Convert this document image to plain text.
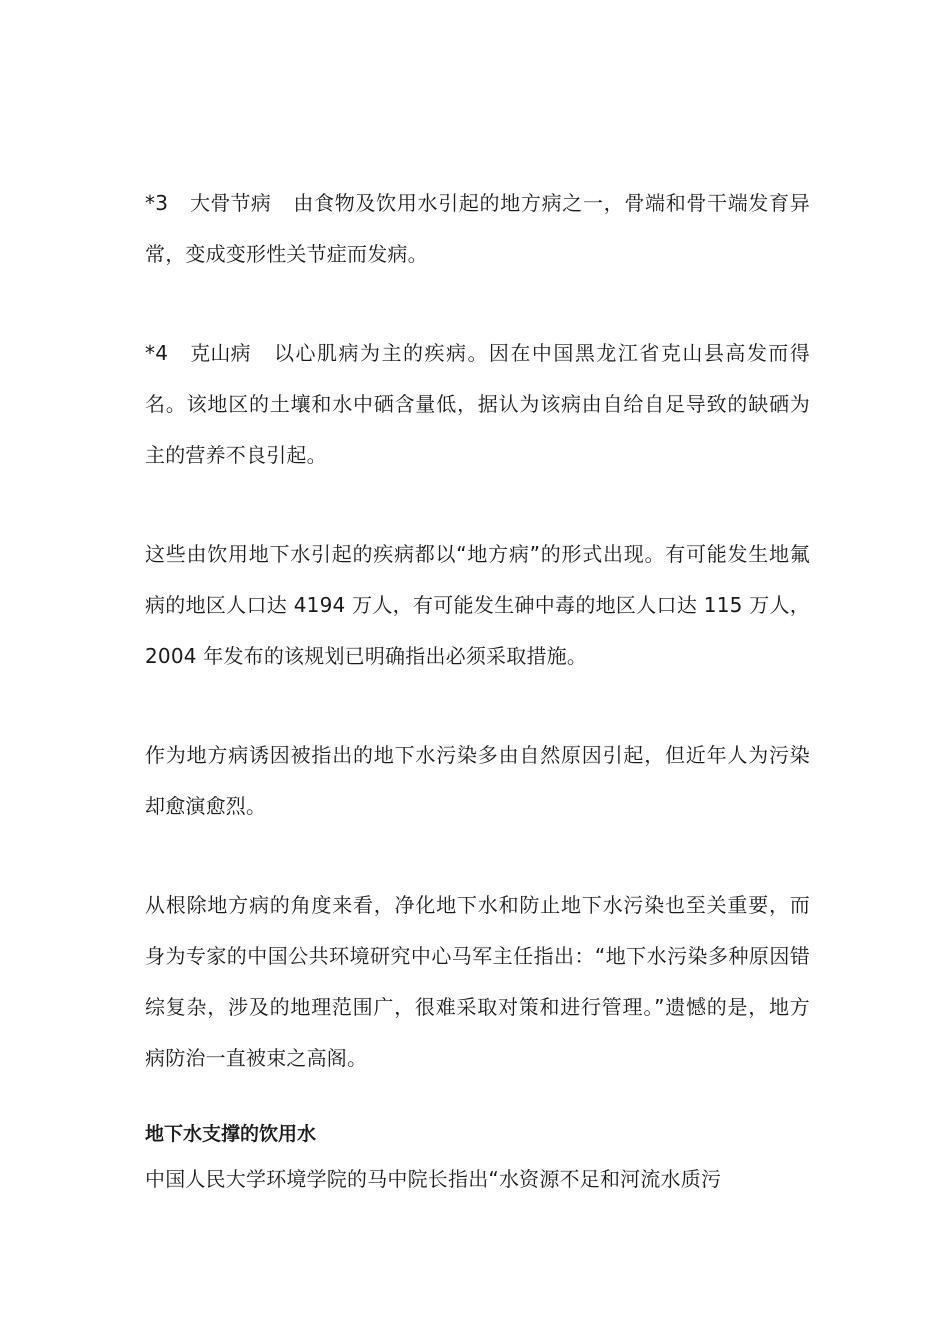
*3 大骨节病 由食物及饮用水引起的地方病之一，骨端和骨干端发育异常，变成变形性关节症而发病。

*4 克山病 以心肌病为主的疾病。因在中国黑龙江省克山县高发而得名。该地区的土壤和水中硒含量低，据认为该病由自给自足导致的缺硒为主的营养不良引起。

这些由饮用地下水引起的疾病都以“地方病”的形式出现。有可能发生地氟病的地区人口达 4194 万人，有可能发生砷中毒的地区人口达 115 万人，2004 年发布的该规划已明确指出必须采取措施。

作为地方病诱因被指出的地下水污染多由自然原因引起，但近年人为污染却愈演愈烈。

从根除地方病的角度来看，净化地下水和防止地下水污染也至关重要，而身为专家的中国公共环境研究中心马军主任指出：“地下水污染多种原因错综复杂，涉及的地理范围广，很难采取对策和进行管理。”遗憾的是，地方病防治一直被束之高阁。

地下水支撑的饮用水

中国人民大学环境学院的马中院长指出“水资源不足和河流水质污
